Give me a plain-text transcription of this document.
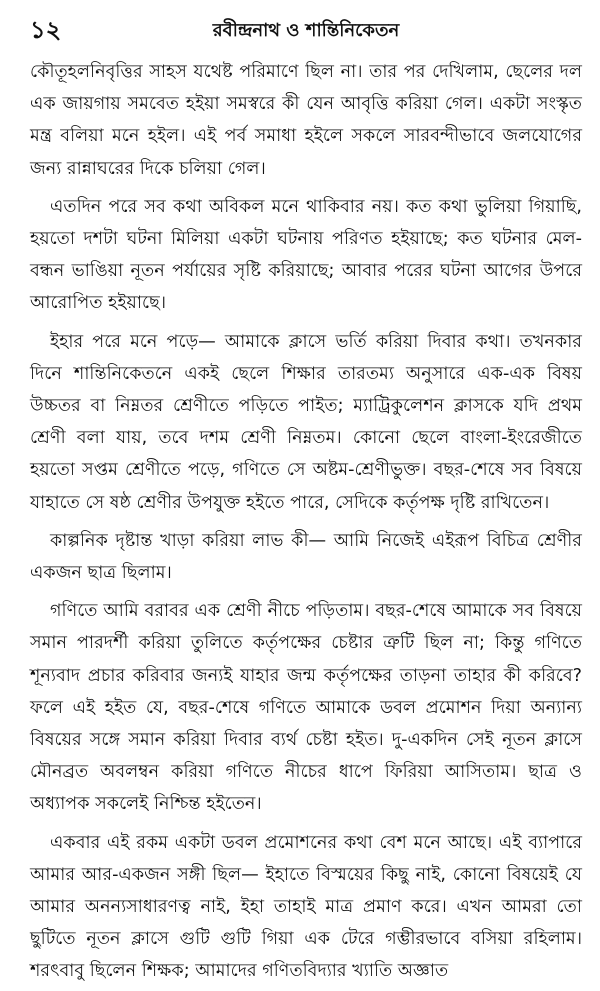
১২	রবীন্দ্রনাথ ও শান্তিনিকেতন

কৌতূহলনিবৃত্তির সাহস যথেষ্ট পরিমাণে ছিল না। তার পর দেখিলাম, ছেলের দল এক জায়গায় সমবেত হইয়া সমস্বরে কী যেন আবৃত্তি করিয়া গেল। একটা সংস্কৃত মন্ত্র বলিয়া মনে হইল। এই পর্ব সমাধা হইলে সকলে সারবন্দীভাবে জলযোগের জন্য রান্নাঘরের দিকে চলিয়া গেল।

এতদিন পরে সব কথা অবিকল মনে থাকিবার নয়। কত কথা ভুলিয়া গিয়াছি, হয়তো দশটা ঘটনা মিলিয়া একটা ঘটনায় পরিণত হইয়াছে; কত ঘটনার মেল-বন্ধন ভাঙিয়া নূতন পর্যায়ের সৃষ্টি করিয়াছে; আবার পরের ঘটনা আগের উপরে আরোপিত হইয়াছে।

ইহার পরে মনে পড়ে— আমাকে ক্লাসে ভর্তি করিয়া দিবার কথা। তখনকার দিনে শান্তিনিকেতনে একই ছেলে শিক্ষার তারতম্য অনুসারে এক-এক বিষয় উচ্চতর বা নিম্নতর শ্রেণীতে পড়িতে পাইত; ম্যাট্রিকুলেশন ক্লাসকে যদি প্রথম শ্রেণী বলা যায়, তবে দশম শ্রেণী নিম্নতম। কোনো ছেলে বাংলা-ইংরেজীতে হয়তো সপ্তম শ্রেণীতে পড়ে, গণিতে সে অষ্টম-শ্রেণীভুক্ত। বছর-শেষে সব বিষয়ে যাহাতে সে ষষ্ঠ শ্রেণীর উপযুক্ত হইতে পারে, সেদিকে কর্তৃপক্ষ দৃষ্টি রাখিতেন।

কাল্পনিক দৃষ্টান্ত খাড়া করিয়া লাভ কী— আমি নিজেই এইরূপ বিচিত্র শ্রেণীর একজন ছাত্র ছিলাম।

গণিতে আমি বরাবর এক শ্রেণী নীচে পড়িতাম। বছর-শেষে আমাকে সব বিষয়ে সমান পারদর্শী করিয়া তুলিতে কর্তৃপক্ষের চেষ্টার ত্রুটি ছিল না; কিন্তু গণিতে শূন্যবাদ প্রচার করিবার জন্যই যাহার জন্ম কর্তৃপক্ষের তাড়না তাহার কী করিবে? ফলে এই হইত যে, বছর-শেষে গণিতে আমাকে ডবল প্রমোশন দিয়া অন্যান্য বিষয়ের সঙ্গে সমান করিয়া দিবার ব্যর্থ চেষ্টা হইত। দু-একদিন সেই নূতন ক্লাসে মৌনব্রত অবলম্বন করিয়া গণিতে নীচের ধাপে ফিরিয়া আসিতাম। ছাত্র ও অধ্যাপক সকলেই নিশ্চিন্ত হইতেন।

একবার এই রকম একটা ডবল প্রমোশনের কথা বেশ মনে আছে। এই ব্যাপারে আমার আর-একজন সঙ্গী ছিল— ইহাতে বিস্ময়ের কিছু নাই, কোনো বিষয়েই যে আমার অনন্যসাধারণত্ব নাই, ইহা তাহাই মাত্র প্রমাণ করে। এখন আমরা তো ছুটিতে নূতন ক্লাসে গুটি গুটি গিয়া এক টেরে গম্ভীরভাবে বসিয়া রহিলাম। শরৎবাবু ছিলেন শিক্ষক; আমাদের গণিতবিদ্যার খ্যাতি অজ্ঞাত
